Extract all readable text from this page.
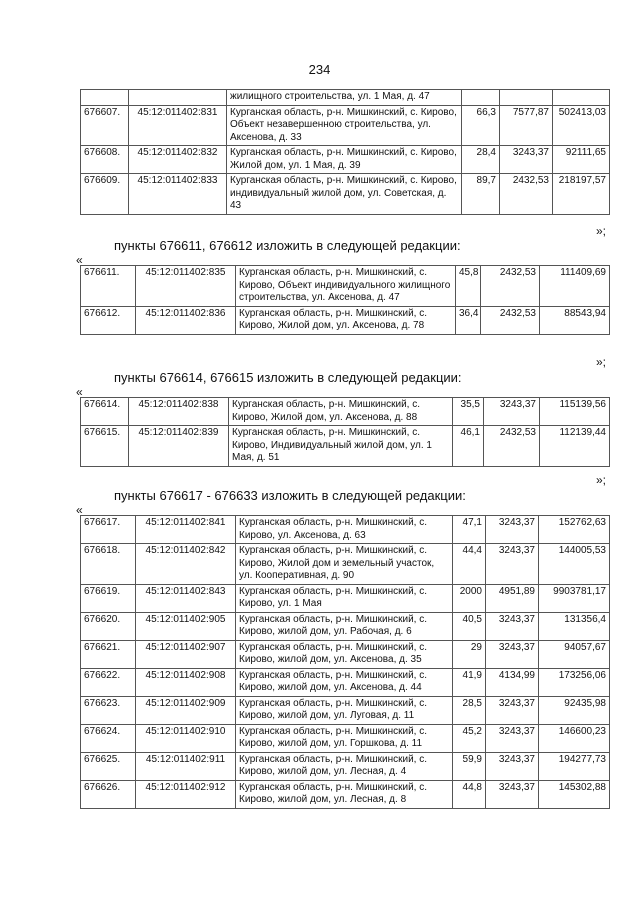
234
		жилищного строительства, ул. 1 Мая, д. 47			
676607.	45:12:011402:831	Курганская область, р-н. Мишкинский, с. Кирово, Объект незавершенною строительства, ул. Аксенова, д. 33	66,3	7577,87	502413,03
676608.	45:12:011402:832	Курганская область, р-н. Мишкинский, с. Кирово, Жилой дом, ул. 1 Мая, д. 39	28,4	3243,37	92111,65
676609.	45:12:011402:833	Курганская область, р-н. Мишкинский, с. Кирово, индивидуальный жилой дом, ул. Советская, д. 43	89,7	2432,53	218197,57
»;
пункты 676611, 676612 изложить в следующей редакции:
«
676611.	45:12:011402:835	Курганская область, р-н. Мишкинский, с. Кирово, Объект индивидуального жилищного строительства, ул. Аксенова, д. 47	45,8	2432,53	111409,69
676612.	45:12:011402:836	Курганская область, р-н. Мишкинский, с. Кирово, Жилой дом, ул. Аксенова, д. 78	36,4	2432,53	88543,94
»;
пункты 676614, 676615 изложить в следующей редакции:
«
676614.	45:12:011402:838	Курганская область, р-н. Мишкинский, с. Кирово, Жилой дом, ул. Аксенова, д. 88	35,5	3243,37	115139,56
676615.	45:12:011402:839	Курганская область, р-н. Мишкинский, с. Кирово, Индивидуальный жилой дом, ул. 1 Мая, д. 51	46,1	2432,53	112139,44
»;
пункты 676617 - 676633 изложить в следующей редакции:
«
676617.	45:12:011402:841	Курганская область, р-н. Мишкинский, с. Кирово, ул. Аксенова, д. 63	47,1	3243,37	152762,63
676618.	45:12:011402:842	Курганская область, р-н. Мишкинский, с. Кирово, Жилой дом и земельный участок, ул. Кооперативная, д. 90	44,4	3243,37	144005,53
676619.	45:12:011402:843	Курганская область, р-н. Мишкинский, с. Кирово, ул. 1 Мая	2000	4951,89	9903781,17
676620.	45:12:011402:905	Курганская область, р-н. Мишкинский, с. Кирово, жилой дом, ул. Рабочая, д. 6	40,5	3243,37	131356,4
676621.	45:12:011402:907	Курганская область, р-н. Мишкинский, с. Кирово, жилой дом, ул. Аксенова, д. 35	29	3243,37	94057,67
676622.	45:12:011402:908	Курганская область, р-н. Мишкинский, с. Кирово, жилой дом, ул. Аксенова, д. 44	41,9	4134,99	173256,06
676623.	45:12:011402:909	Курганская область, р-н. Мишкинский, с. Кирово, жилой дом, ул. Луговая, д. 11	28,5	3243,37	92435,98
676624.	45:12:011402:910	Курганская область, р-н. Мишкинский, с. Кирово, жилой дом, ул. Горшкова, д. 11	45,2	3243,37	146600,23
676625.	45:12:011402:911	Курганская область, р-н. Мишкинский, с. Кирово, жилой дом, ул. Лесная, д. 4	59,9	3243,37	194277,73
676626.	45:12:011402:912	Курганская область, р-н. Мишкинский, с. Кирово, жилой дом, ул. Лесная, д. 8	44,8	3243,37	145302,88
